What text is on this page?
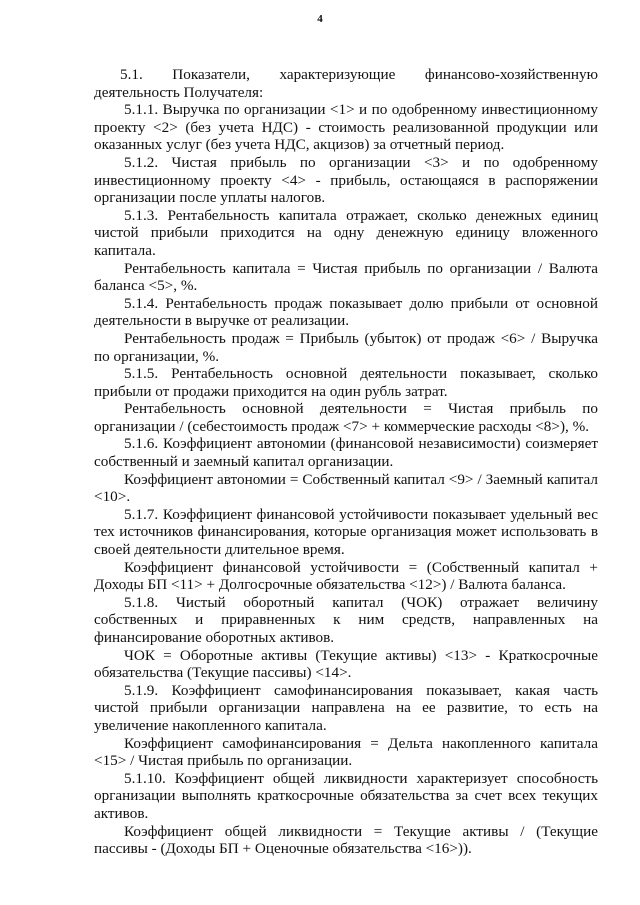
4

5.1. Показатели, характеризующие финансово-хозяйственную деятельность Получателя:

5.1.1. Выручка по организации <1> и по одобренному инвестиционному проекту <2> (без учета НДС) - стоимость реализованной продукции или оказанных услуг (без учета НДС, акцизов) за отчетный период.

5.1.2. Чистая прибыль по организации <3> и по одобренному инвестиционному проекту <4> - прибыль, остающаяся в распоряжении организации после уплаты налогов.

5.1.3. Рентабельность капитала отражает, сколько денежных единиц чистой прибыли приходится на одну денежную единицу вложенного капитала.

Рентабельность капитала = Чистая прибыль по организации / Валюта баланса <5>, %.

5.1.4. Рентабельность продаж показывает долю прибыли от основной деятельности в выручке от реализации.

Рентабельность продаж = Прибыль (убыток) от продаж <6> / Выручка по организации, %.

5.1.5. Рентабельность основной деятельности показывает, сколько прибыли от продажи приходится на один рубль затрат.

Рентабельность основной деятельности = Чистая прибыль по организации / (себестоимость продаж <7> + коммерческие расходы <8>), %.

5.1.6. Коэффициент автономии (финансовой независимости) соизмеряет собственный и заемный капитал организации.

Коэффициент автономии = Собственный капитал <9> / Заемный капитал <10>.

5.1.7. Коэффициент финансовой устойчивости показывает удельный вес тех источников финансирования, которые организация может использовать в своей деятельности длительное время.

Коэффициент финансовой устойчивости = (Собственный капитал + Доходы БП <11> + Долгосрочные обязательства <12>) / Валюта баланса.

5.1.8. Чистый оборотный капитал (ЧОК) отражает величину собственных и приравненных к ним средств, направленных на финансирование оборотных активов.

ЧОК = Оборотные активы (Текущие активы) <13> - Краткосрочные обязательства (Текущие пассивы) <14>.

5.1.9. Коэффициент самофинансирования показывает, какая часть чистой прибыли организации направлена на ее развитие, то есть на увеличение накопленного капитала.

Коэффициент самофинансирования = Дельта накопленного капитала <15> / Чистая прибыль по организации.

5.1.10. Коэффициент общей ликвидности характеризует способность организации выполнять краткосрочные обязательства за счет всех текущих активов.

Коэффициент общей ликвидности = Текущие активы / (Текущие пассивы - (Доходы БП + Оценочные обязательства <16>)).
